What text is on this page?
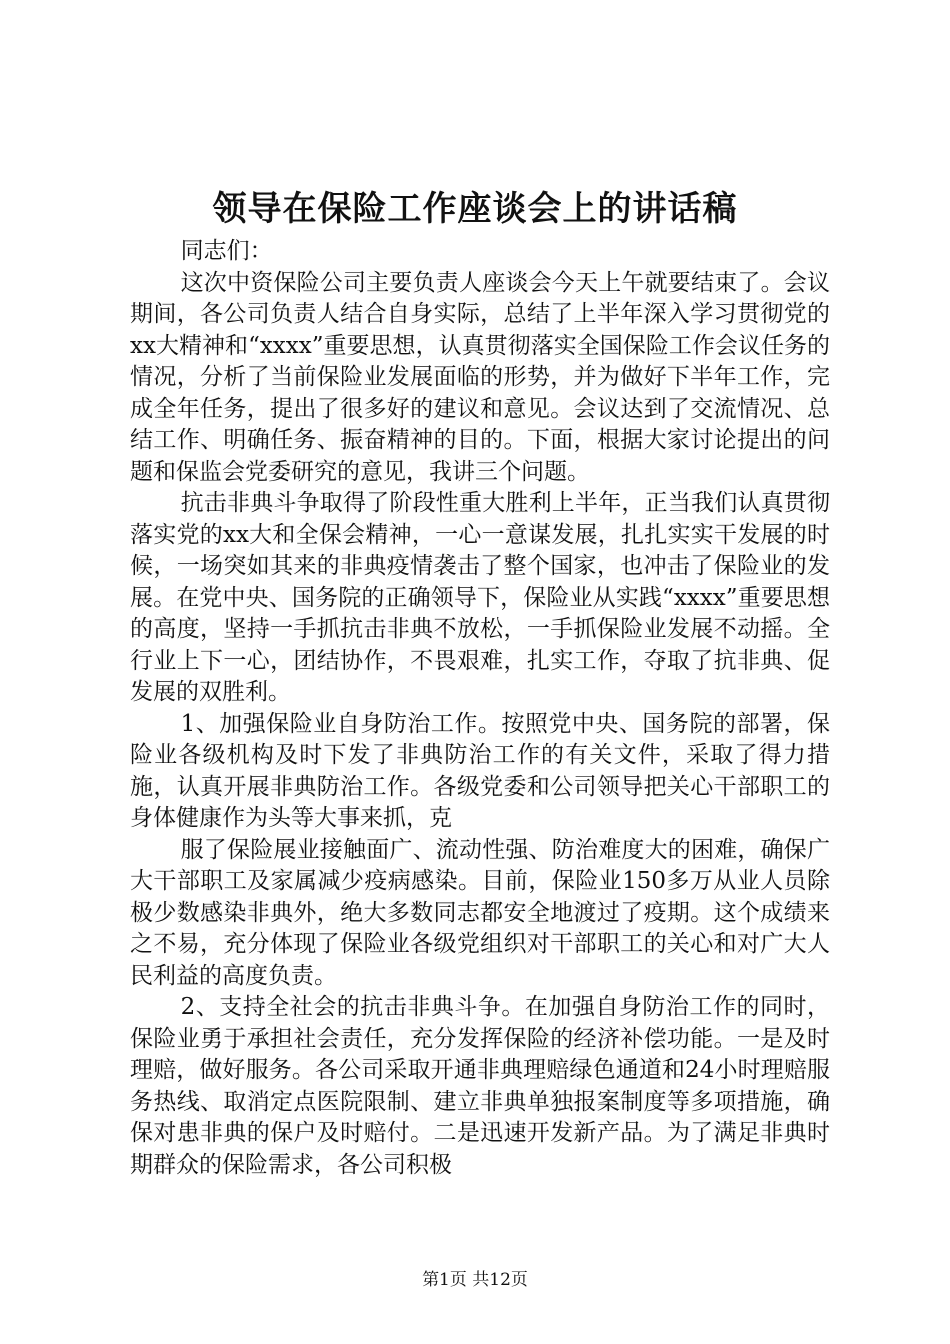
领导在保险工作座谈会上的讲话稿

同志们：

这次中资保险公司主要负责人座谈会今天上午就要结束了。会议期间，各公司负责人结合自身实际，总结了上半年深入学习贯彻党的xx大精神和“xxxx”重要思想，认真贯彻落实全国保险工作会议任务的情况，分析了当前保险业发展面临的形势，并为做好下半年工作，完成全年任务，提出了很多好的建议和意见。会议达到了交流情况、总结工作、明确任务、振奋精神的目的。下面，根据大家讨论提出的问题和保监会党委研究的意见，我讲三个问题。

抗击非典斗争取得了阶段性重大胜利上半年，正当我们认真贯彻落实党的xx大和全保会精神，一心一意谋发展，扎扎实实干发展的时候，一场突如其来的非典疫情袭击了整个国家，也冲击了保险业的发展。在党中央、国务院的正确领导下，保险业从实践“xxxx”重要思想的高度，坚持一手抓抗击非典不放松，一手抓保险业发展不动摇。全行业上下一心，团结协作，不畏艰难，扎实工作，夺取了抗非典、促发展的双胜利。

1、加强保险业自身防治工作。按照党中央、国务院的部署，保险业各级机构及时下发了非典防治工作的有关文件，采取了得力措施，认真开展非典防治工作。各级党委和公司领导把关心干部职工的身体健康作为头等大事来抓，克

服了保险展业接触面广、流动性强、防治难度大的困难，确保广大干部职工及家属减少疫病感染。目前，保险业150多万从业人员除极少数感染非典外，绝大多数同志都安全地渡过了疫期。这个成绩来之不易，充分体现了保险业各级党组织对干部职工的关心和对广大人民利益的高度负责。

2、支持全社会的抗击非典斗争。在加强自身防治工作的同时，保险业勇于承担社会责任，充分发挥保险的经济补偿功能。一是及时理赔，做好服务。各公司采取开通非典理赔绿色通道和24小时理赔服务热线、取消定点医院限制、建立非典单独报案制度等多项措施，确保对患非典的保户及时赔付。二是迅速开发新产品。为了满足非典时期群众的保险需求，各公司积极

第1页 共12页
